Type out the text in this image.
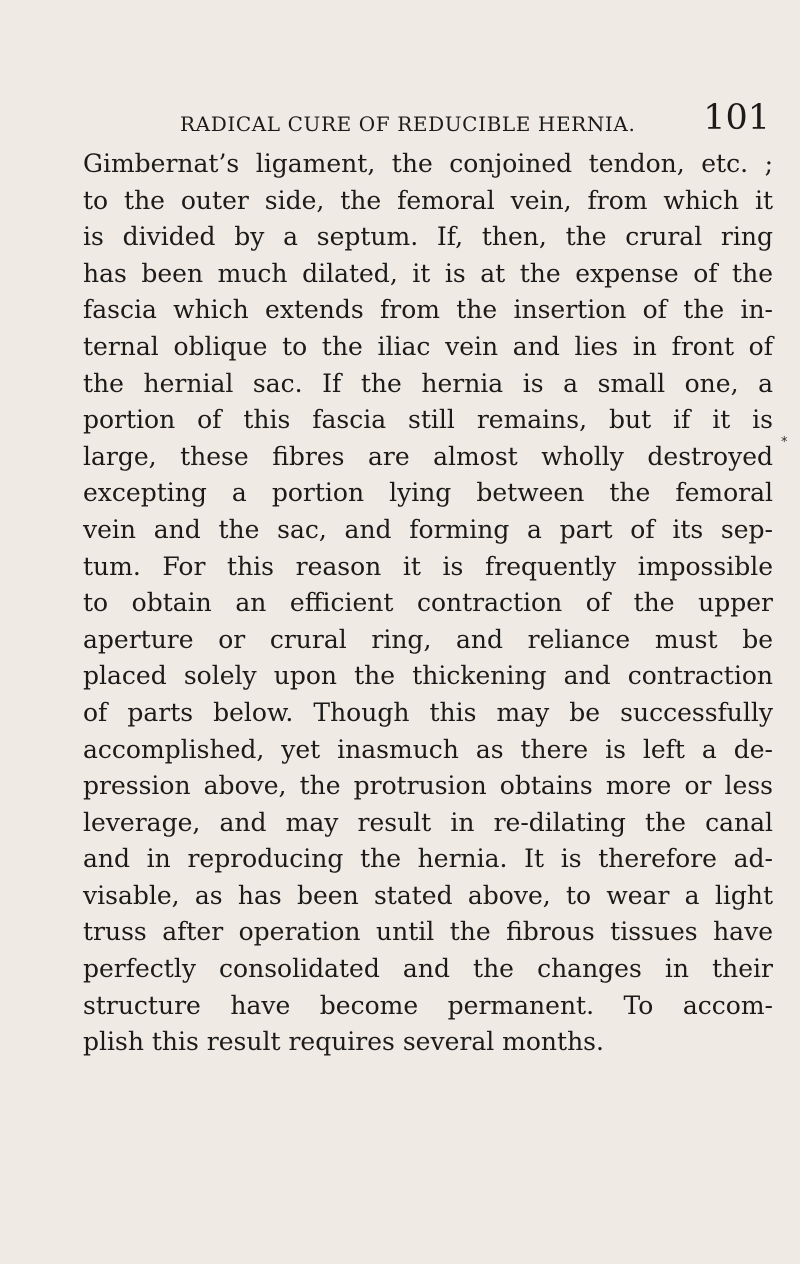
RADICAL CURE OF REDUCIBLE HERNIA. 101
*
Gimbernat’s ligament, the conjoined tendon, etc. ;
to the outer side, the femoral vein, from which it
is divided by a septum. If, then, the crural ring
has been much dilated, it is at the expense of the
fascia which extends from the insertion of the in-
ternal oblique to the iliac vein and lies in front of
the hernial sac. If the hernia is a small one, a
portion of this fascia still remains, but if it is
large, these fibres are almost wholly destroyed
excepting a portion lying between the femoral
vein and the sac, and forming a part of its sep-
tum. For this reason it is frequently impossible
to obtain an efficient contraction of the upper
aperture or crural ring, and reliance must be
placed solely upon the thickening and contraction
of parts below. Though this may be successfully
accomplished, yet inasmuch as there is left a de-
pression above, the protrusion obtains more or less
leverage, and may result in re-dilating the canal
and in reproducing the hernia. It is therefore ad-
visable, as has been stated above, to wear a light
truss after operation until the fibrous tissues have
perfectly consolidated and the changes in their
structure have become permanent. To accom-
plish this result requires several months.
